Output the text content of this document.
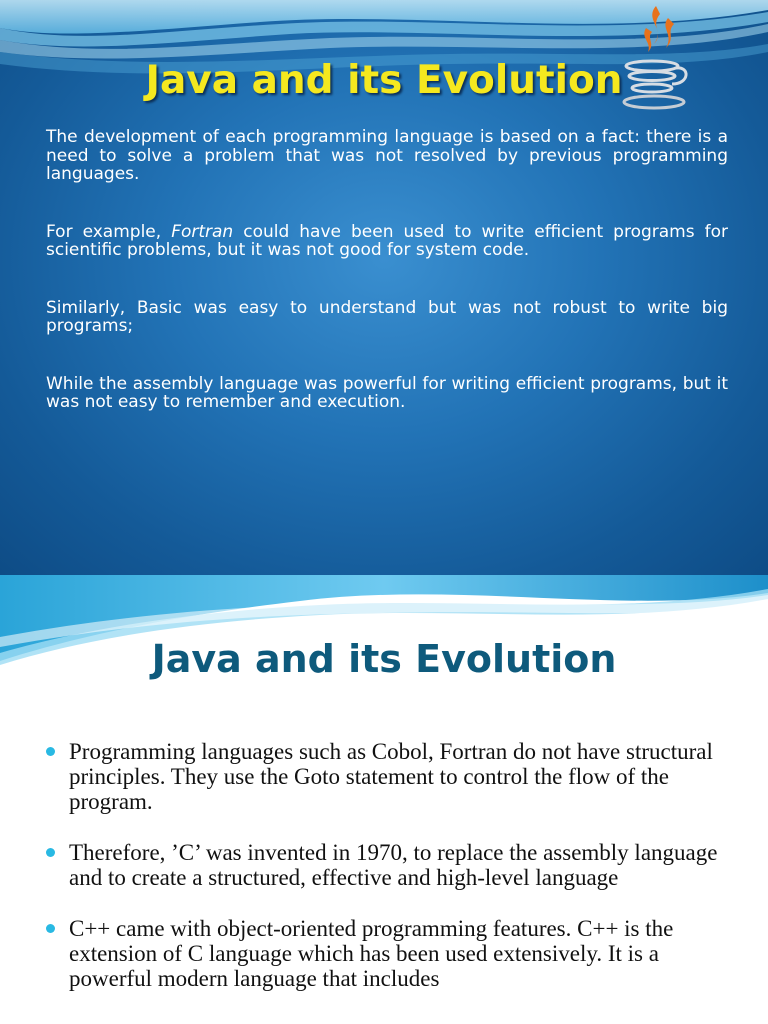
Java and its Evolution

The development of each programming language is based on a fact: there is a need to solve a problem that was not resolved by previous programming languages.

For example, Fortran could have been used to write efficient programs for scientific problems, but it was not good for system code.

Similarly, Basic was easy to understand but was not robust to write big programs;

While the assembly language was powerful for writing efficient programs, but it was not easy to remember and execution.

Java and its Evolution
Programming languages such as Cobol, Fortran do not have structural principles. They use the Goto statement to control the flow of the program.
Therefore, ’C’ was invented in 1970, to replace the assembly language and to create a structured, effective and high-level language
C++ came with object-oriented programming features. C++ is the extension of C language which has been used extensively. It is a powerful modern language that includes
